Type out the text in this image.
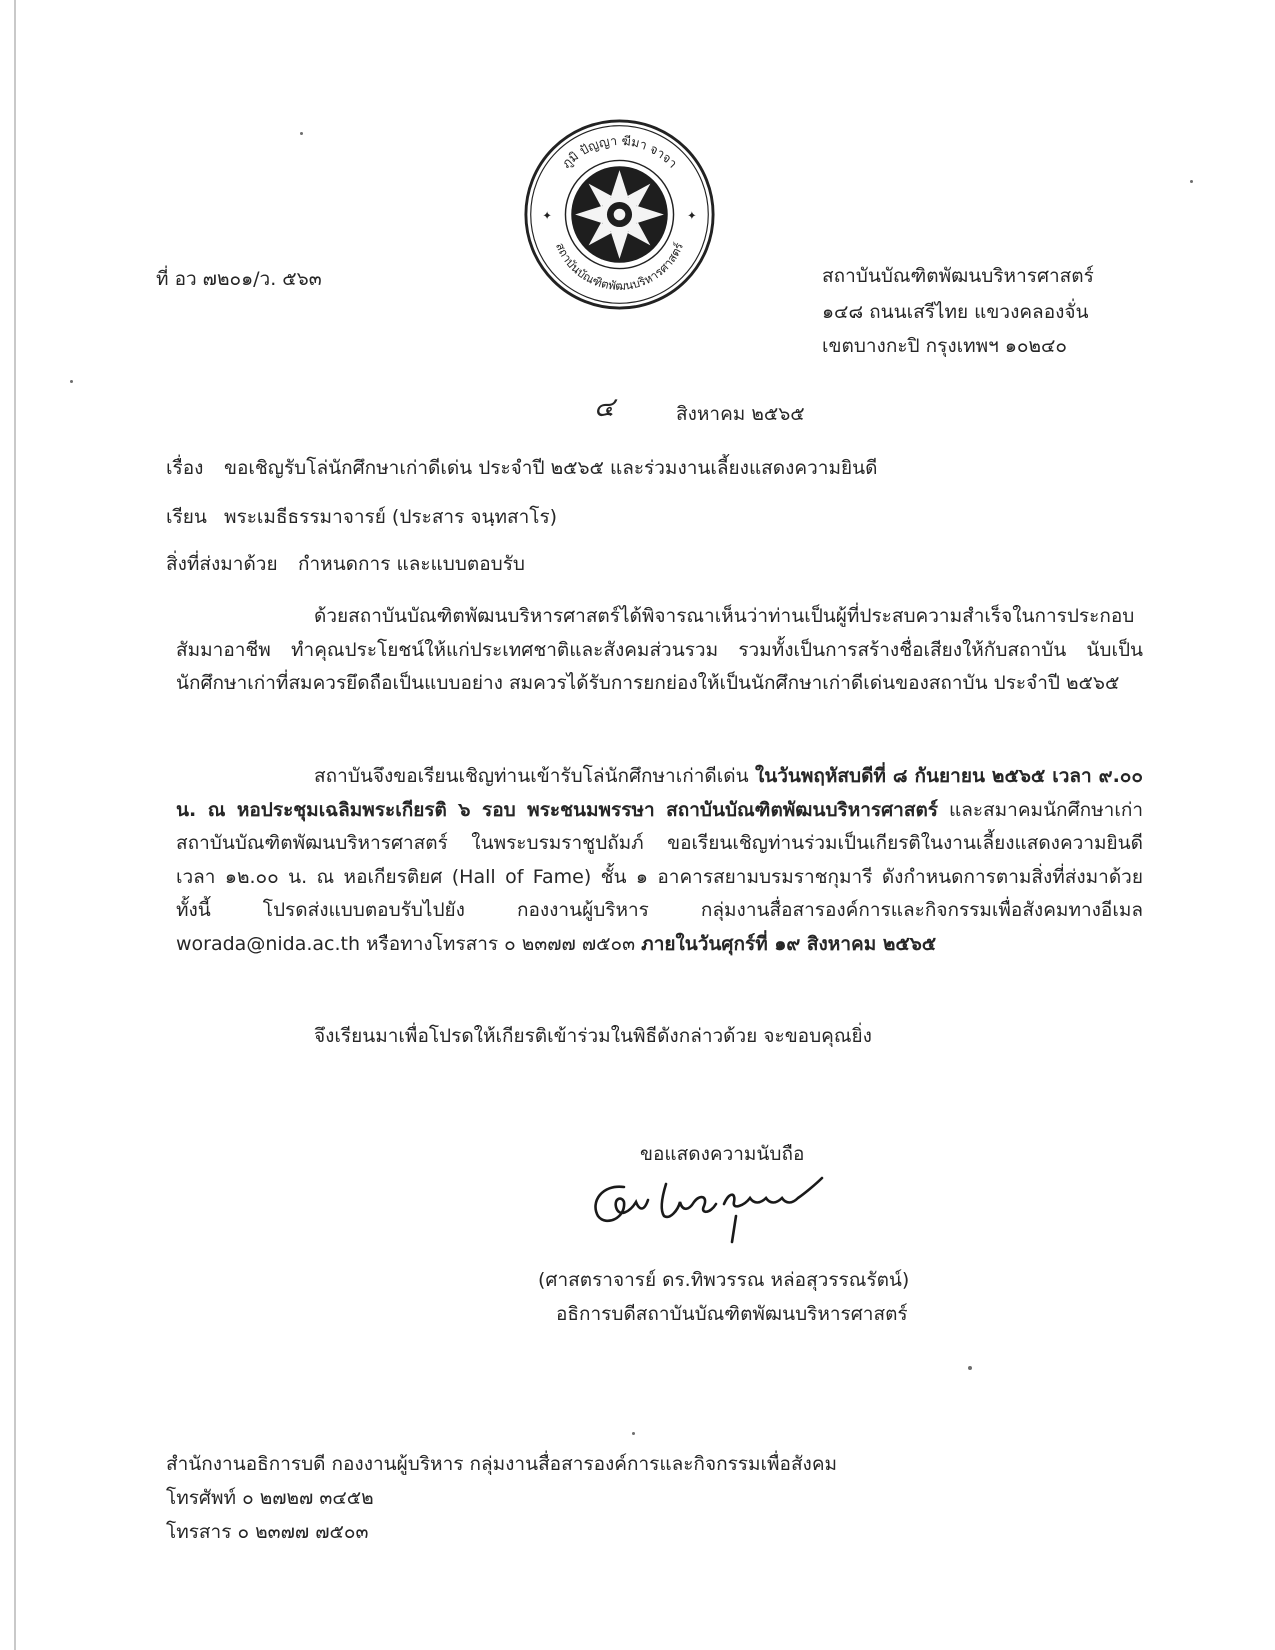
ภูมิ ปัญญา ฆีมา จาจา
สถาบันบัณฑิตพัฒนบริหารศาสตร์
✦	✦
ที่ อว ๗๒๐๑/ว. ๕๖๓	สถาบันบัณฑิตพัฒนบริหารศาสตร์
๑๔๘ ถนนเสรีไทย แขวงคลองจั่น
เขตบางกะปิ กรุงเทพฯ ๑๐๒๔๐
๔	สิงหาคม ๒๕๖๕
เรื่อง ขอเชิญรับโล่นักศึกษาเก่าดีเด่น ประจำปี ๒๕๖๕ และร่วมงานเลี้ยงแสดงความยินดี
เรียน พระเมธีธรรมาจารย์ (ประสาร จนฺทสาโร)
สิ่งที่ส่งมาด้วย กำหนดการ และแบบตอบรับ

ด้วยสถาบันบัณฑิตพัฒนบริหารศาสตร์ได้พิจารณาเห็นว่าท่านเป็นผู้ที่ประสบความสำเร็จในการประกอบสัมมาอาชีพ ทำคุณประโยชน์ให้แก่ประเทศชาติและสังคมส่วนรวม รวมทั้งเป็นการสร้างชื่อเสียงให้กับสถาบัน นับเป็นนักศึกษาเก่าที่สมควรยึดถือเป็นแบบอย่าง สมควรได้รับการยกย่องให้เป็นนักศึกษาเก่าดีเด่นของสถาบัน ประจำปี ๒๕๖๕

สถาบันจึงขอเรียนเชิญท่านเข้ารับโล่นักศึกษาเก่าดีเด่น ในวันพฤหัสบดีที่ ๘ กันยายน ๒๕๖๕ เวลา ๙.๐๐ น. ณ หอประชุมเฉลิมพระเกียรติ ๖ รอบ พระชนมพรรษา สถาบันบัณฑิตพัฒนบริหารศาสตร์ และสมาคมนักศึกษาเก่าสถาบันบัณฑิตพัฒนบริหารศาสตร์ ในพระบรมราชูปถัมภ์ ขอเรียนเชิญท่านร่วมเป็นเกียรติในงานเลี้ยงแสดงความยินดี เวลา ๑๒.๐๐ น. ณ หอเกียรติยศ (Hall of Fame) ชั้น ๑ อาคารสยามบรมราชกุมารี ดังกำหนดการตามสิ่งที่ส่งมาด้วย ทั้งนี้ โปรดส่งแบบตอบรับไปยัง กองงานผู้บริหาร กลุ่มงานสื่อสารองค์การและกิจกรรมเพื่อสังคมทางอีเมล worada@nida.ac.th หรือทางโทรสาร ๐ ๒๓๗๗ ๗๕๐๓ ภายในวันศุกร์ที่ ๑๙ สิงหาคม ๒๕๖๕

จึงเรียนมาเพื่อโปรดให้เกียรติเข้าร่วมในพิธีดังกล่าวด้วย จะขอบคุณยิ่ง
ขอแสดงความนับถือ
(ศาสตราจารย์ ดร.ทิพวรรณ หล่อสุวรรณรัตน์)
อธิการบดีสถาบันบัณฑิตพัฒนบริหารศาสตร์
สำนักงานอธิการบดี กองงานผู้บริหาร กลุ่มงานสื่อสารองค์การและกิจกรรมเพื่อสังคม
โทรศัพท์ ๐ ๒๗๒๗ ๓๔๕๒
โทรสาร ๐ ๒๓๗๗ ๗๕๐๓
